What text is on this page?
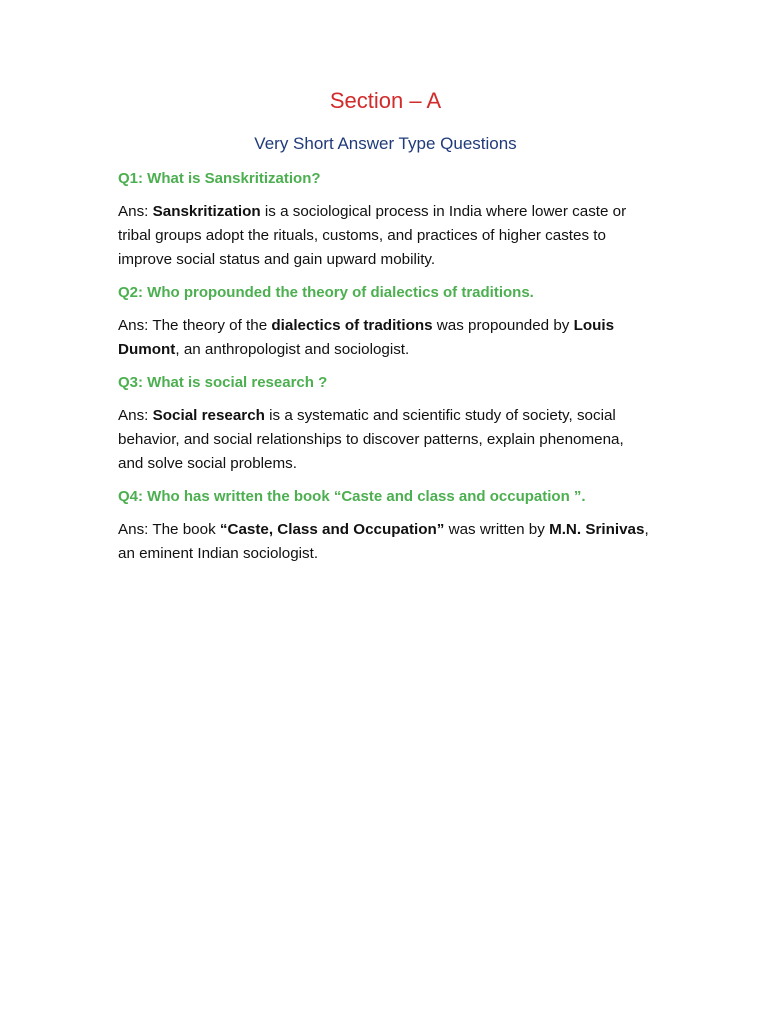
Section – A
Very Short Answer Type Questions
Q1: What is Sanskritization?
Ans: Sanskritization is a sociological process in India where lower caste or tribal groups adopt the rituals, customs, and practices of higher castes to improve social status and gain upward mobility.
Q2: Who propounded the theory of dialectics of traditions.
Ans: The theory of the dialectics of traditions was propounded by Louis Dumont, an anthropologist and sociologist.
Q3: What is social research ?
Ans: Social research is a systematic and scientific study of society, social behavior, and social relationships to discover patterns, explain phenomena, and solve social problems.
Q4: Who has written the book “Caste and class and occupation ”.
Ans: The book “Caste, Class and Occupation” was written by M.N. Srinivas, an eminent Indian sociologist.
